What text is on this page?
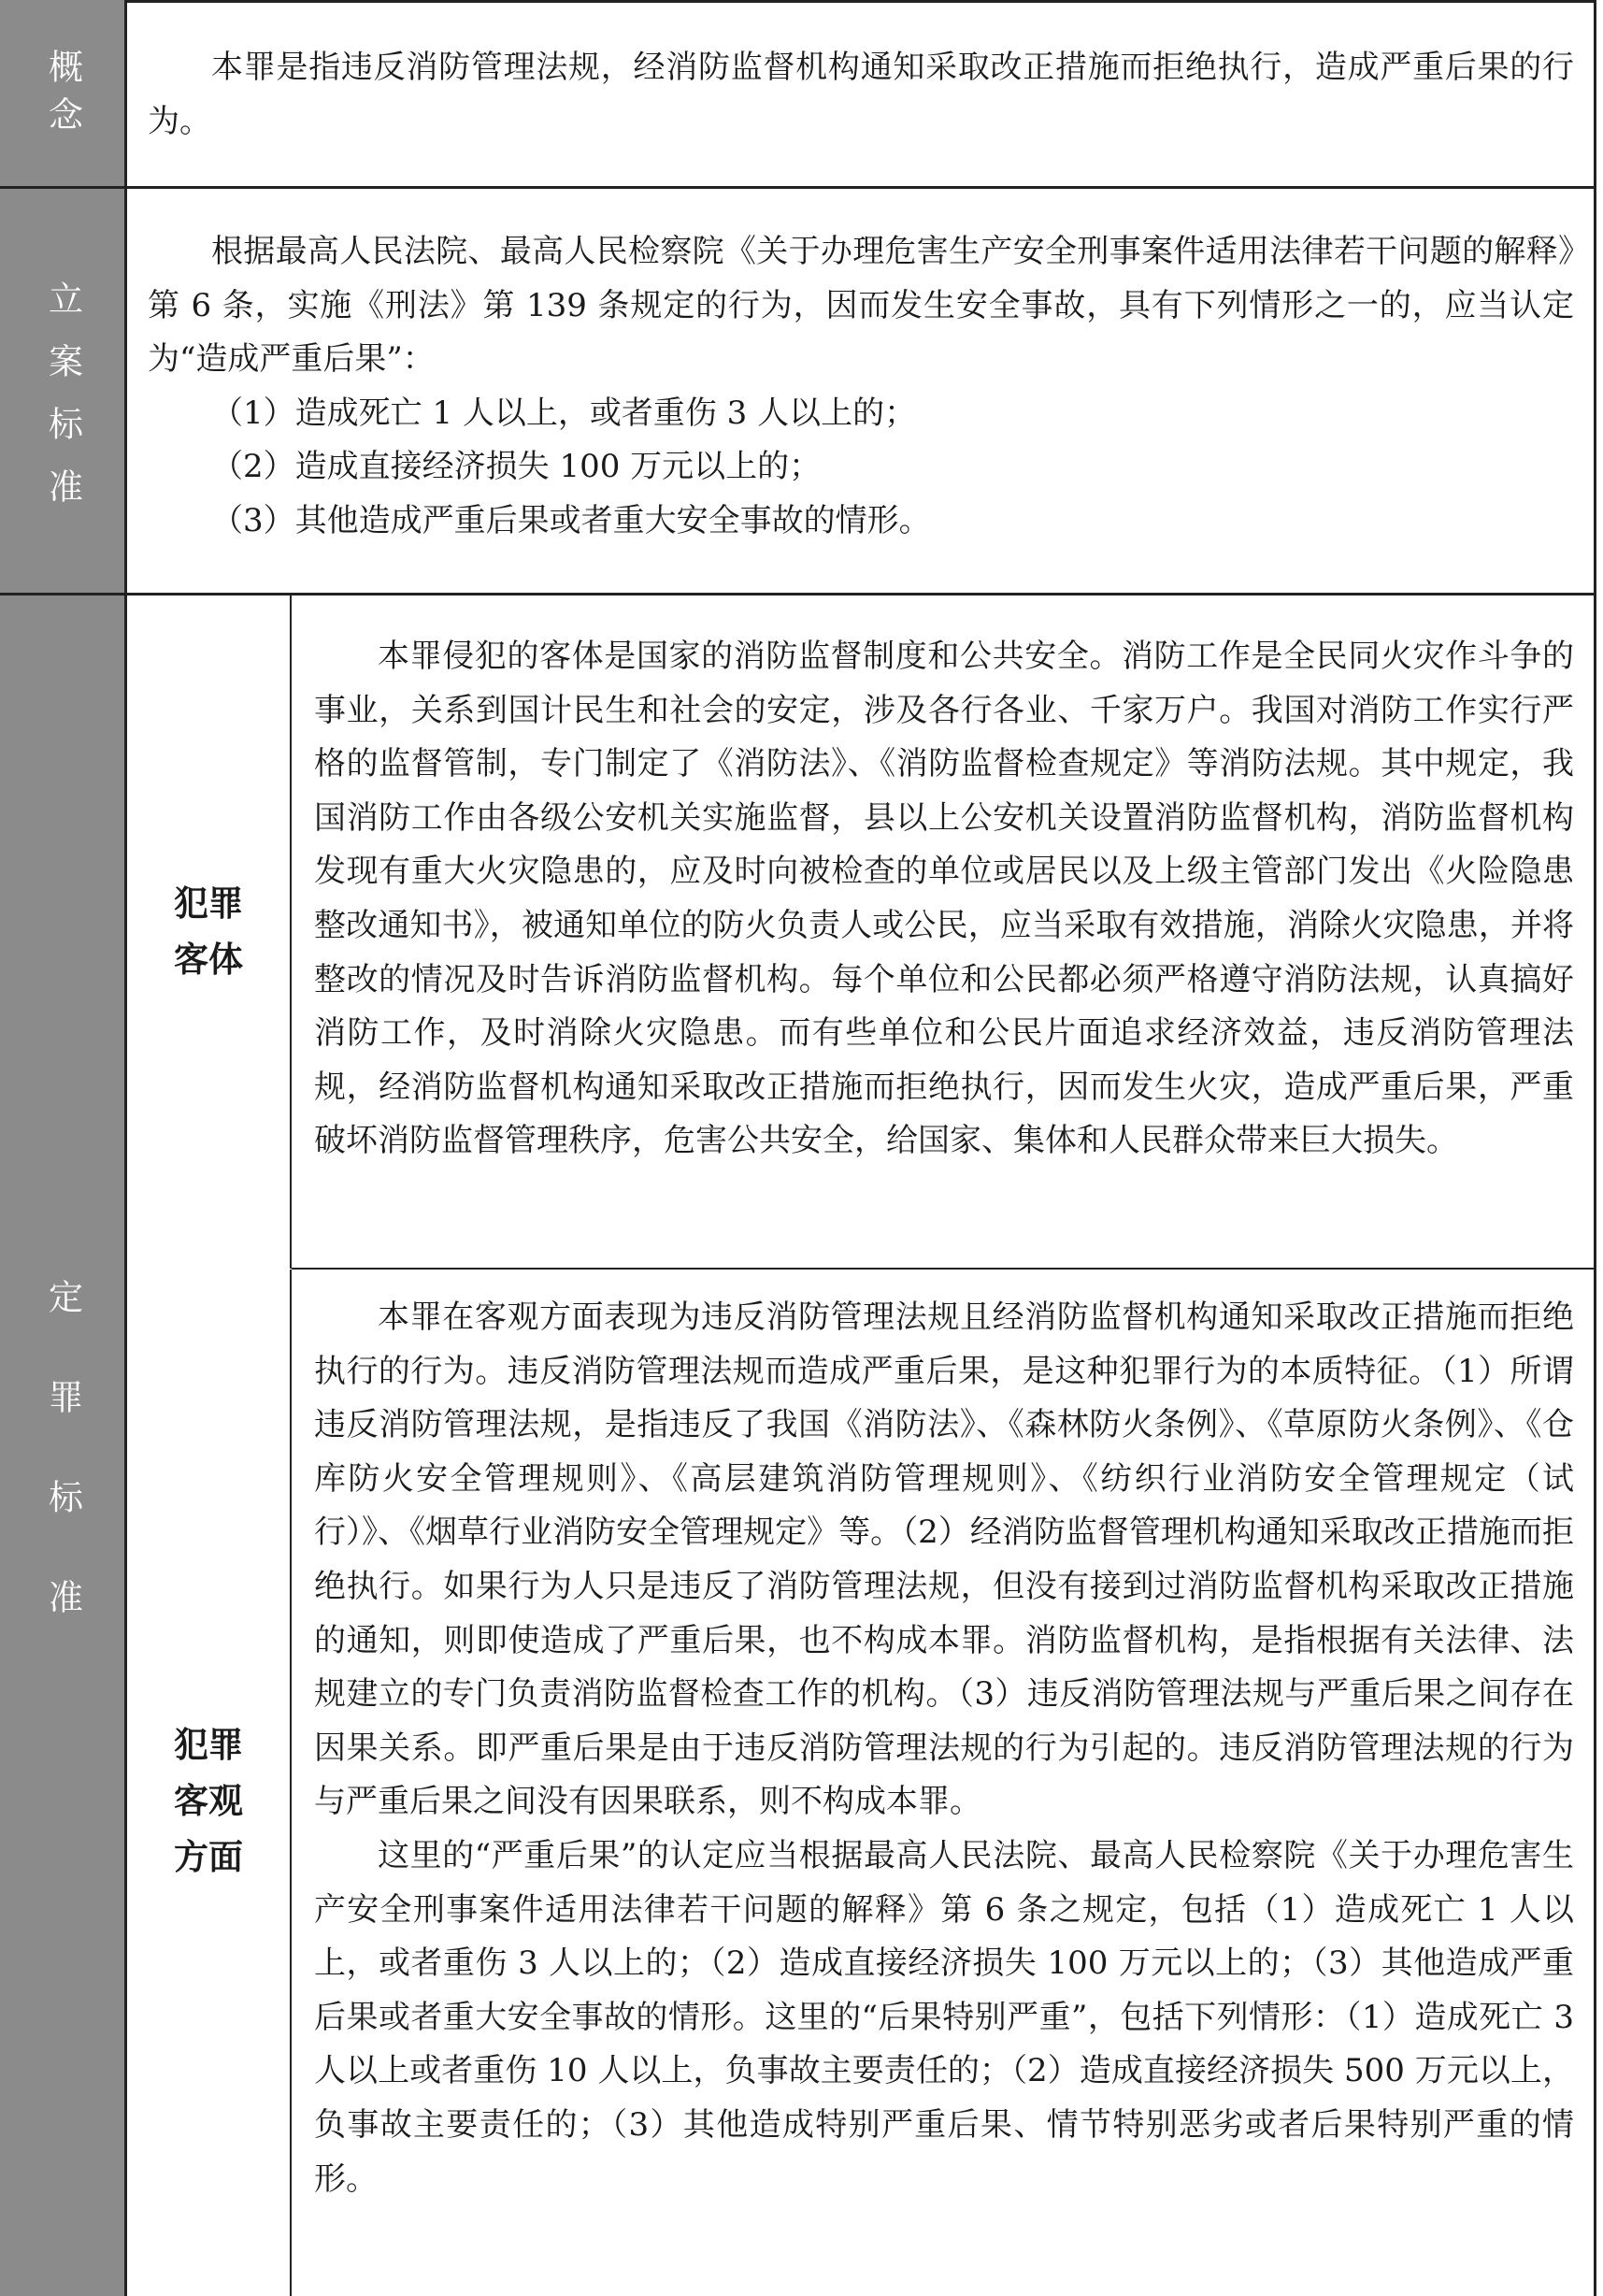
概念	本罪是指违反消防管理法规，经消防监督机构通知采取改正措施而拒绝执行，造成严重后果的行为。

立案标准

根据最高人民法院、最高人民检察院《关于办理危害生产安全刑事案件适用法律若干问题的解释》第 6 条，实施《刑法》第 139 条规定的行为，因而发生安全事故，具有下列情形之一的，应当认定为“造成严重后果”：

（1）造成死亡 1 人以上，或者重伤 3 人以上的；

（2）造成直接经济损失 100 万元以上的；

（3）其他造成严重后果或者重大安全事故的情形。

定罪标准
犯罪客体

本罪侵犯的客体是国家的消防监督制度和公共安全。消防工作是全民同火灾作斗争的事业，关系到国计民生和社会的安定，涉及各行各业、千家万户。我国对消防工作实行严格的监督管制，专门制定了《消防法》、《消防监督检查规定》等消防法规。其中规定，我国消防工作由各级公安机关实施监督，县以上公安机关设置消防监督机构，消防监督机构发现有重大火灾隐患的，应及时向被检查的单位或居民以及上级主管部门发出《火险隐患整改通知书》，被通知单位的防火负责人或公民，应当采取有效措施，消除火灾隐患，并将整改的情况及时告诉消防监督机构。每个单位和公民都必须严格遵守消防法规，认真搞好消防工作，及时消除火灾隐患。而有些单位和公民片面追求经济效益，违反消防管理法规，经消防监督机构通知采取改正措施而拒绝执行，因而发生火灾，造成严重后果，严重破坏消防监督管理秩序，危害公共安全，给国家、集体和人民群众带来巨大损失。

犯罪客观方面

本罪在客观方面表现为违反消防管理法规且经消防监督机构通知采取改正措施而拒绝执行的行为。违反消防管理法规而造成严重后果，是这种犯罪行为的本质特征。（1）所谓违反消防管理法规，是指违反了我国《消防法》、《森林防火条例》、《草原防火条例》、《仓库防火安全管理规则》、《高层建筑消防管理规则》、《纺织行业消防安全管理规定（试行）》、《烟草行业消防安全管理规定》等。（2）经消防监督管理机构通知采取改正措施而拒绝执行。如果行为人只是违反了消防管理法规，但没有接到过消防监督机构采取改正措施的通知，则即使造成了严重后果，也不构成本罪。消防监督机构，是指根据有关法律、法规建立的专门负责消防监督检查工作的机构。（3）违反消防管理法规与严重后果之间存在因果关系。即严重后果是由于违反消防管理法规的行为引起的。违反消防管理法规的行为与严重后果之间没有因果联系，则不构成本罪。

这里的“严重后果”的认定应当根据最高人民法院、最高人民检察院《关于办理危害生产安全刑事案件适用法律若干问题的解释》第 6 条之规定，包括（1）造成死亡 1 人以上，或者重伤 3 人以上的；（2）造成直接经济损失 100 万元以上的；（3）其他造成严重后果或者重大安全事故的情形。这里的“后果特别严重”，包括下列情形：（1）造成死亡 3 人以上或者重伤 10 人以上，负事故主要责任的；（2）造成直接经济损失 500 万元以上，负事故主要责任的；（3）其他造成特别严重后果、情节特别恶劣或者后果特别严重的情形。
